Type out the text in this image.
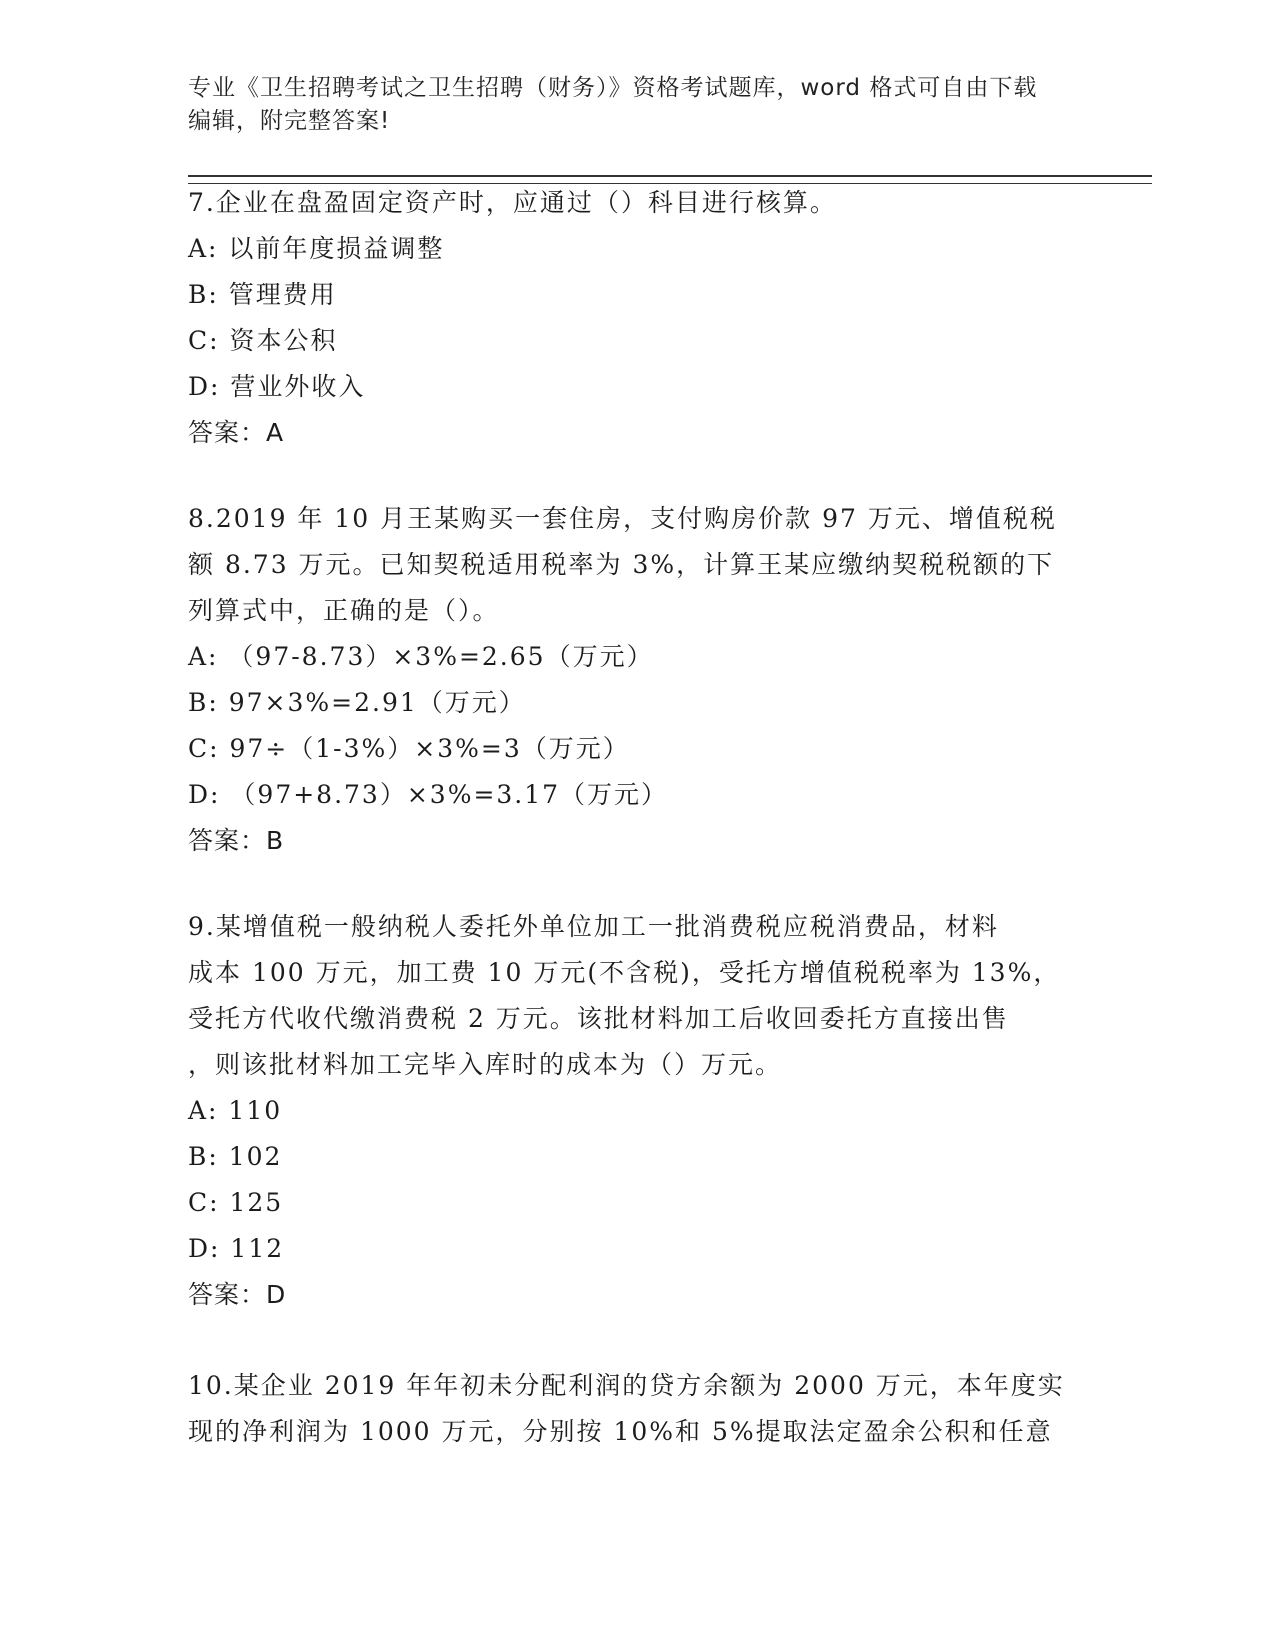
专业《卫生招聘考试之卫生招聘（财务）》资格考试题库，word 格式可自由下载
编辑，附完整答案!
7.企业在盘盈固定资产时，应通过（）科目进行核算。
A: 以前年度损益调整
B: 管理费用
C: 资本公积
D: 营业外收入
答案：A
8.2019 年 10 月王某购买一套住房，支付购房价款 97 万元、增值税税
额 8.73 万元。已知契税适用税率为 3%，计算王某应缴纳契税税额的下
列算式中，正确的是（）。
A: （97-8.73）×3%=2.65（万元）
B: 97×3%=2.91（万元）
C: 97÷（1-3%）×3%=3（万元）
D: （97+8.73）×3%=3.17（万元）
答案：B
9.某增值税一般纳税人委托外单位加工一批消费税应税消费品，材料
成本 100 万元，加工费 10 万元(不含税)，受托方增值税税率为 13%，
受托方代收代缴消费税 2 万元。该批材料加工后收回委托方直接出售
，则该批材料加工完毕入库时的成本为（）万元。
A: 110
B: 102
C: 125
D: 112
答案：D
10.某企业 2019 年年初未分配利润的贷方余额为 2000 万元，本年度实
现的净利润为 1000 万元，分别按 10%和 5%提取法定盈余公积和任意
